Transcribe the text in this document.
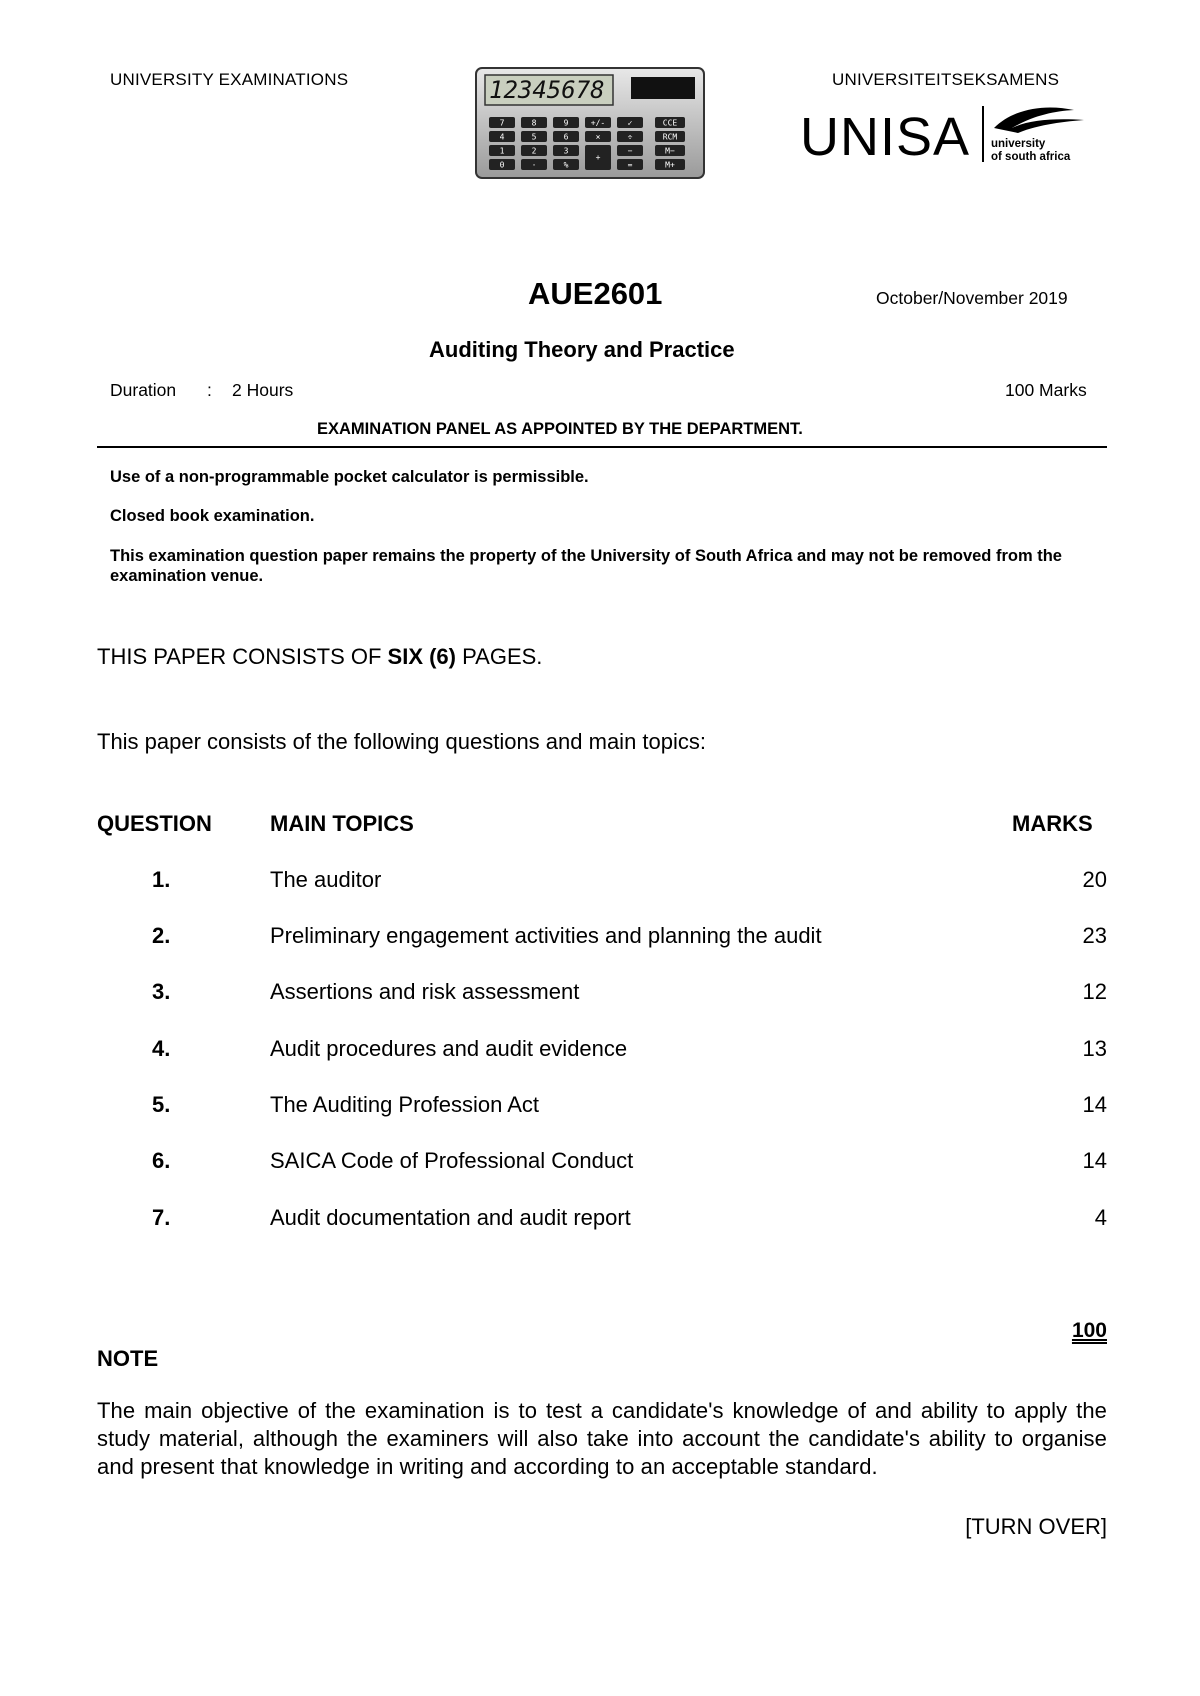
UNIVERSITY EXAMINATIONS	UNIVERSITEITSEKSAMENS
7	8	9	+/-	✓	CCE
4	5	6	×	÷	RCM
1	2	3
+
−	M−
0	·	%	=	M+
12345678
UNISA university
of south africa
AUE2601	October/November 2019
Auditing Theory and Practice
Duration : 2 Hours	100 Marks
EXAMINATION PANEL AS APPOINTED BY THE DEPARTMENT.
Use of a non-programmable pocket calculator is permissible.
Closed book examination.
This examination question paper remains the property of the University of South Africa and may not be removed from the examination venue.
THIS PAPER CONSISTS OF SIX (6) PAGES.
This paper consists of the following questions and main topics:
QUESTION	MAIN TOPICS	MARKS
1.	The auditor	20
2.	Preliminary engagement activities and planning the audit	23
3.	Assertions and risk assessment	12
4.	Audit procedures and audit evidence	13
5.	The Auditing Profession Act	14
6.	SAICA Code of Professional Conduct	14
7.	Audit documentation and audit report	4
100
NOTE
The main objective of the examination is to test a candidate's knowledge of and ability to apply the study material, although the examiners will also take into account the candidate's ability to organise and present that knowledge in writing and according to an acceptable standard.
[TURN OVER]
